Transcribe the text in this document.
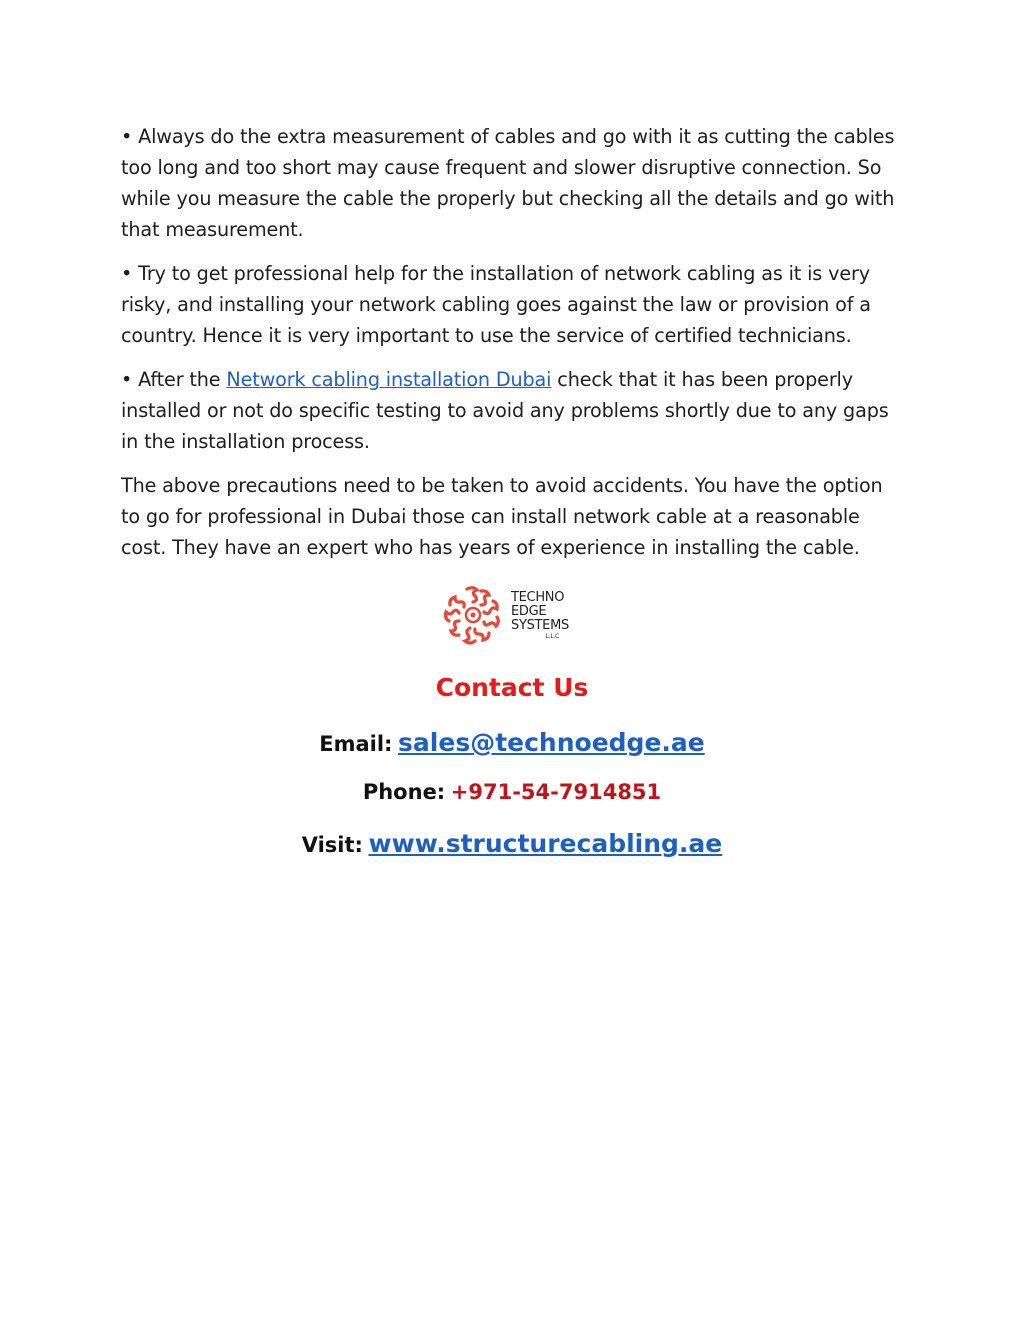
• Always do the extra measurement of cables and go with it as cutting the cables too long and too short may cause frequent and slower disruptive connection. So while you measure the cable the properly but checking all the details and go with that measurement.

• Try to get professional help for the installation of network cabling as it is very risky, and installing your network cabling goes against the law or provision of a country. Hence it is very important to use the service of certified technicians.

• After the Network cabling installation Dubai check that it has been properly installed or not do specific testing to avoid any problems shortly due to any gaps in the installation process.

The above precautions need to be taken to avoid accidents. You have the option to go for professional in Dubai those can install network cable at a reasonable cost. They have an expert who has years of experience in installing the cable.

TECHNO
EDGE
SYSTEMS
L.L.C
Contact Us
Email: sales@technoedge.ae
Phone: +971-54-7914851
Visit: www.structurecabling.ae
